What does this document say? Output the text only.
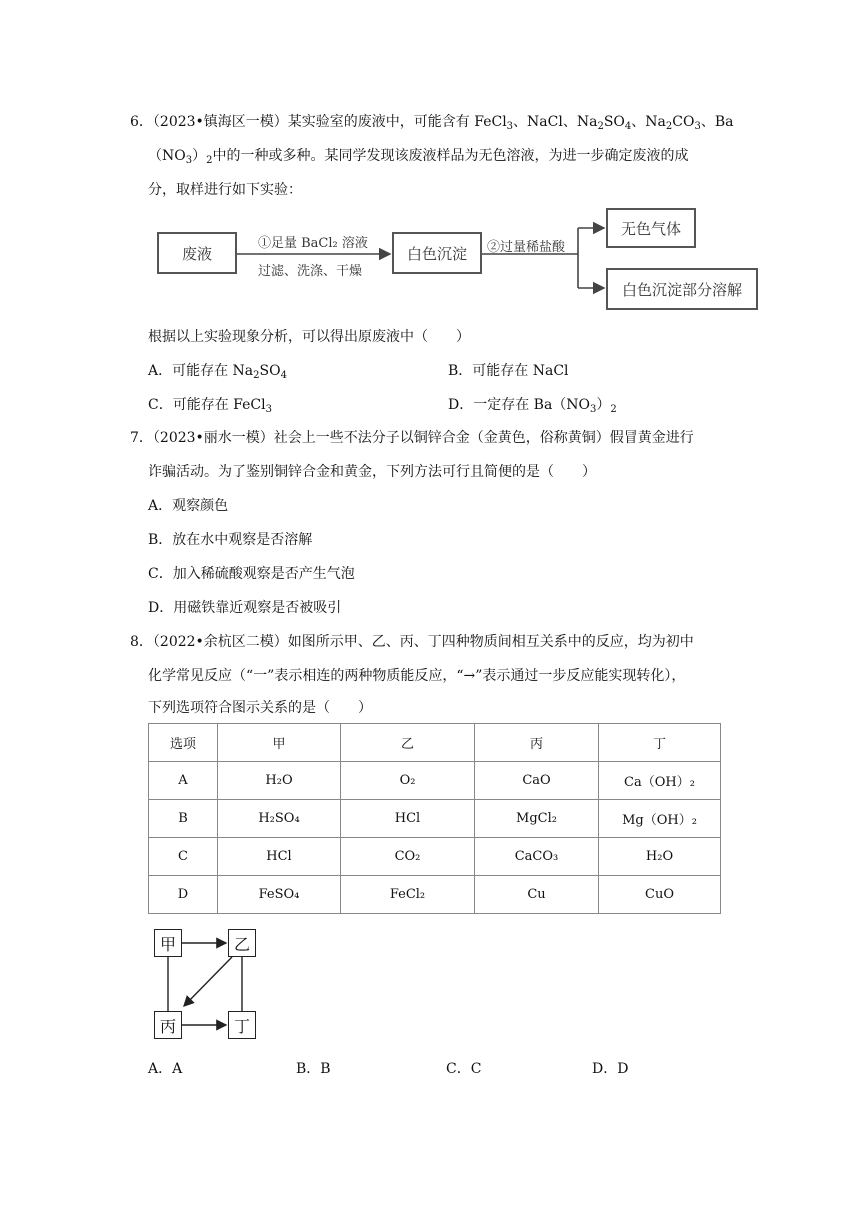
6．（2023•镇海区一模）某实验室的废液中，可能含有 FeCl$_3$、NaCl、$Na_2SO_4$、$Na_2CO_3$、Ba
$(NO_3)_2$中的一种或多种。某同学发现该废液样品为无色溶液，为进一步确定废液的成
分，取样进行如下实验：
废液
①足量 BaCl₂ 溶液
过滤、洗涤、干燥
白色沉淀	②过量稀盐酸
无色气体
白色沉淀部分溶解
根据以上实验现象分析，可以得出原废液中（　　）
A．可能存在 $Na_2SO_4$	B．可能存在 NaCl
C．可能存在 FeCl$_3$	D．一定存在 $Ba(NO_3)_2$
7．（2023•丽水一模）社会上一些不法分子以铜锌合金（金黄色，俗称黄铜）假冒黄金进行
诈骗活动。为了鉴别铜锌合金和黄金，下列方法可行且简便的是（　　）
A．观察颜色
B．放在水中观察是否溶解
C．加入稀硫酸观察是否产生气泡
D．用磁铁靠近观察是否被吸引
8．（2022•余杭区二模）如图所示甲、乙、丙、丁四种物质间相互关系中的反应，均为初中
化学常见反应（“一”表示相连的两种物质能反应，“→”表示通过一步反应能实现转化），
下列选项符合图示关系的是（　　）
选项	甲	乙	丙	丁
A	H₂O	O₂	CaO	Ca（OH）₂
B	H₂SO₄	HCl	MgCl₂	Mg（OH）₂
C	HCl	CO₂	CaCO₃	H₂O
D	FeSO₄	FeCl₂	Cu	CuO
甲	乙
丙	丁
A．A	B．B	C．C	D．D
